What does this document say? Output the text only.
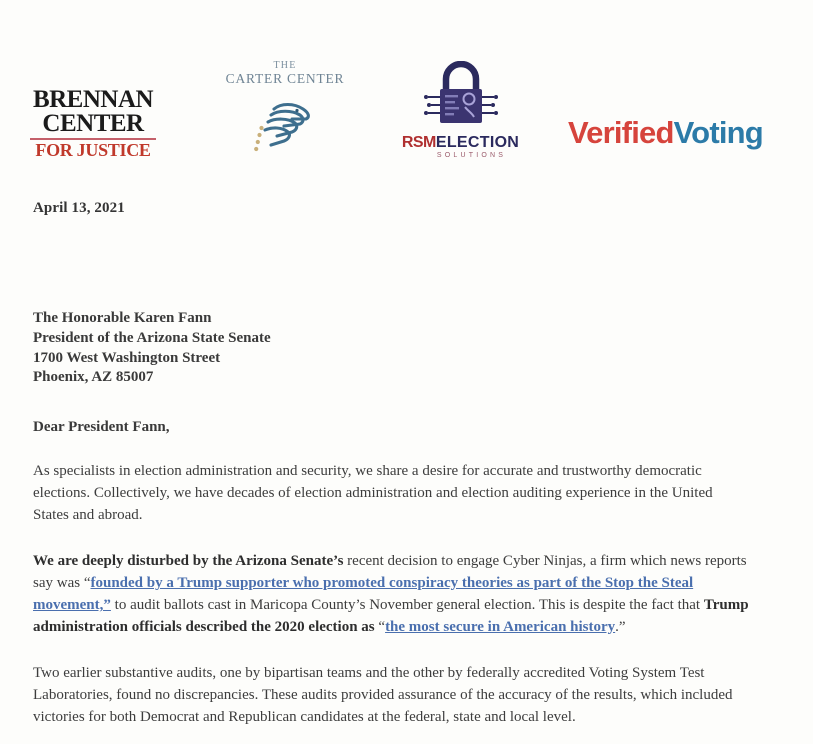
BRENNAN
CENTER
FOR JUSTICE
THE
CARTER CENTER
RSMELECTION
SOLUTIONS
VerifiedVoting
April 13, 2021
The Honorable Karen Fann
President of the Arizona State Senate
1700 West Washington Street
Phoenix, AZ 85007
Dear President Fann,

As specialists in election administration and security, we share a desire for accurate and trustworthy democratic elections. Collectively, we have decades of election administration and election auditing experience in the United States and abroad.

We are deeply disturbed by the Arizona Senate’s recent decision to engage Cyber Ninjas, a firm which news reports say was “founded by a Trump supporter who promoted conspiracy theories as part of the Stop the Steal movement,” to audit ballots cast in Maricopa County’s November general election. This is despite the fact that Trump administration officials described the 2020 election as “the most secure in American history.”

Two earlier substantive audits, one by bipartisan teams and the other by federally accredited Voting System Test Laboratories, found no discrepancies. These audits provided assurance of the accuracy of the results, which included victories for both Democrat and Republican candidates at the federal, state and local level.
